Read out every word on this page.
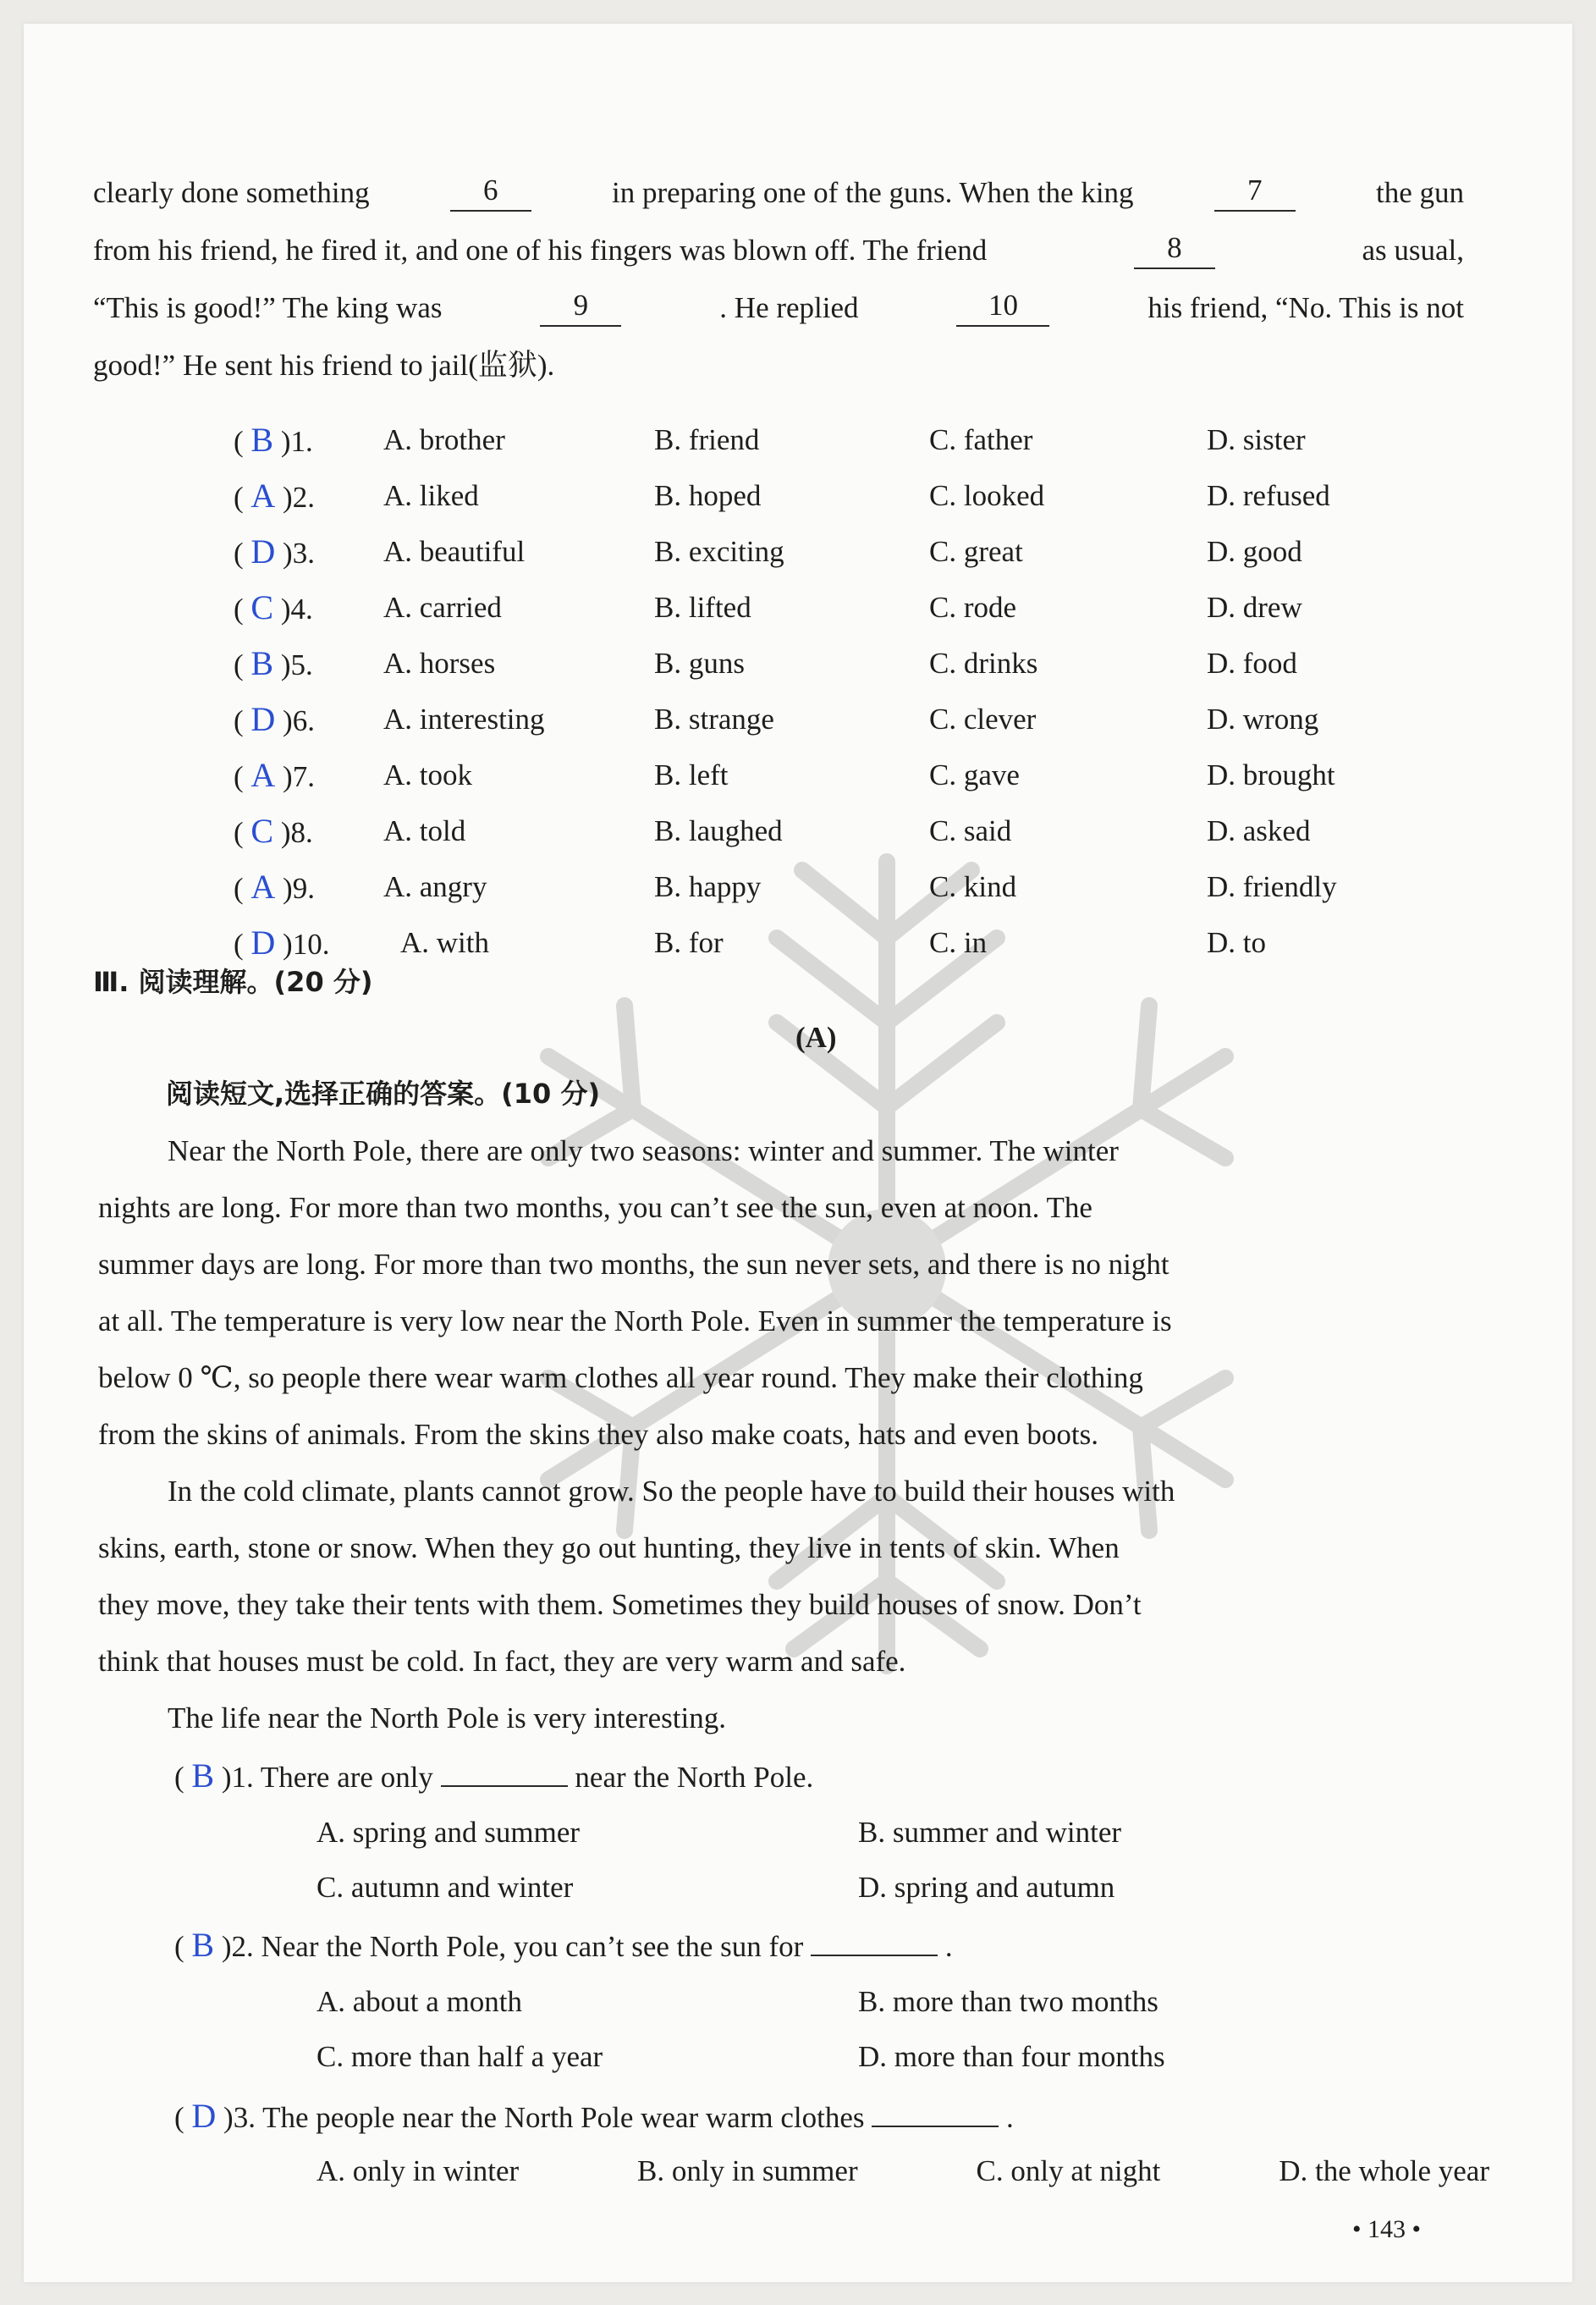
clearly done something	6	in preparing one of the guns. When the king	7	the gun
from his friend, he fired it, and one of his fingers was blown off. The friend	8	as usual,
“This is good!” The king was	9	. He replied	10	his friend, “No. This is not
good!” He sent his friend to jail(监狱).
( B )1. A. brother	B. friend	C. father	D. sister
( A )2. A. liked	B. hoped	C. looked	D. refused
( D )3. A. beautiful	B. exciting	C. great	D. good
( C )4. A. carried	B. lifted	C. rode	D. drew
( B )5. A. horses	B. guns	C. drinks	D. food
( D )6. A. interesting	B. strange	C. clever	D. wrong
( A )7. A. took	B. left	C. gave	D. brought
( C )8. A. told	B. laughed	C. said	D. asked
( A )9. A. angry	B. happy	C. kind	D. friendly
( D )10. A. with	B. for	C. in	D. to
Ⅲ. 阅读理解。(20 分)
(A)
阅读短文,选择正确的答案。(10 分)
Near the North Pole, there are only two seasons: winter and summer. The winter
nights are long. For more than two months, you can’t see the sun, even at noon. The
summer days are long. For more than two months, the sun never sets, and there is no night
at all. The temperature is very low near the North Pole. Even in summer the temperature is
below 0 ℃, so people there wear warm clothes all year round. They make their clothing
from the skins of animals. From the skins they also make coats, hats and even boots.
In the cold climate, plants cannot grow. So the people have to build their houses with
skins, earth, stone or snow. When they go out hunting, they live in tents of skin. When
they move, they take their tents with them. Sometimes they build houses of snow. Don’t
think that houses must be cold. In fact, they are very warm and safe.
The life near the North Pole is very interesting.
( B )1. There are only	near the North Pole.
A. spring and summer	B. summer and winter
C. autumn and winter	D. spring and autumn
( B )2. Near the North Pole, you can’t see the sun for	.
A. about a month	B. more than two months
C. more than half a year	D. more than four months
( D )3. The people near the North Pole wear warm clothes	.
A. only in winter	B. only in summer	C. only at night	D. the whole year
• 143 •
